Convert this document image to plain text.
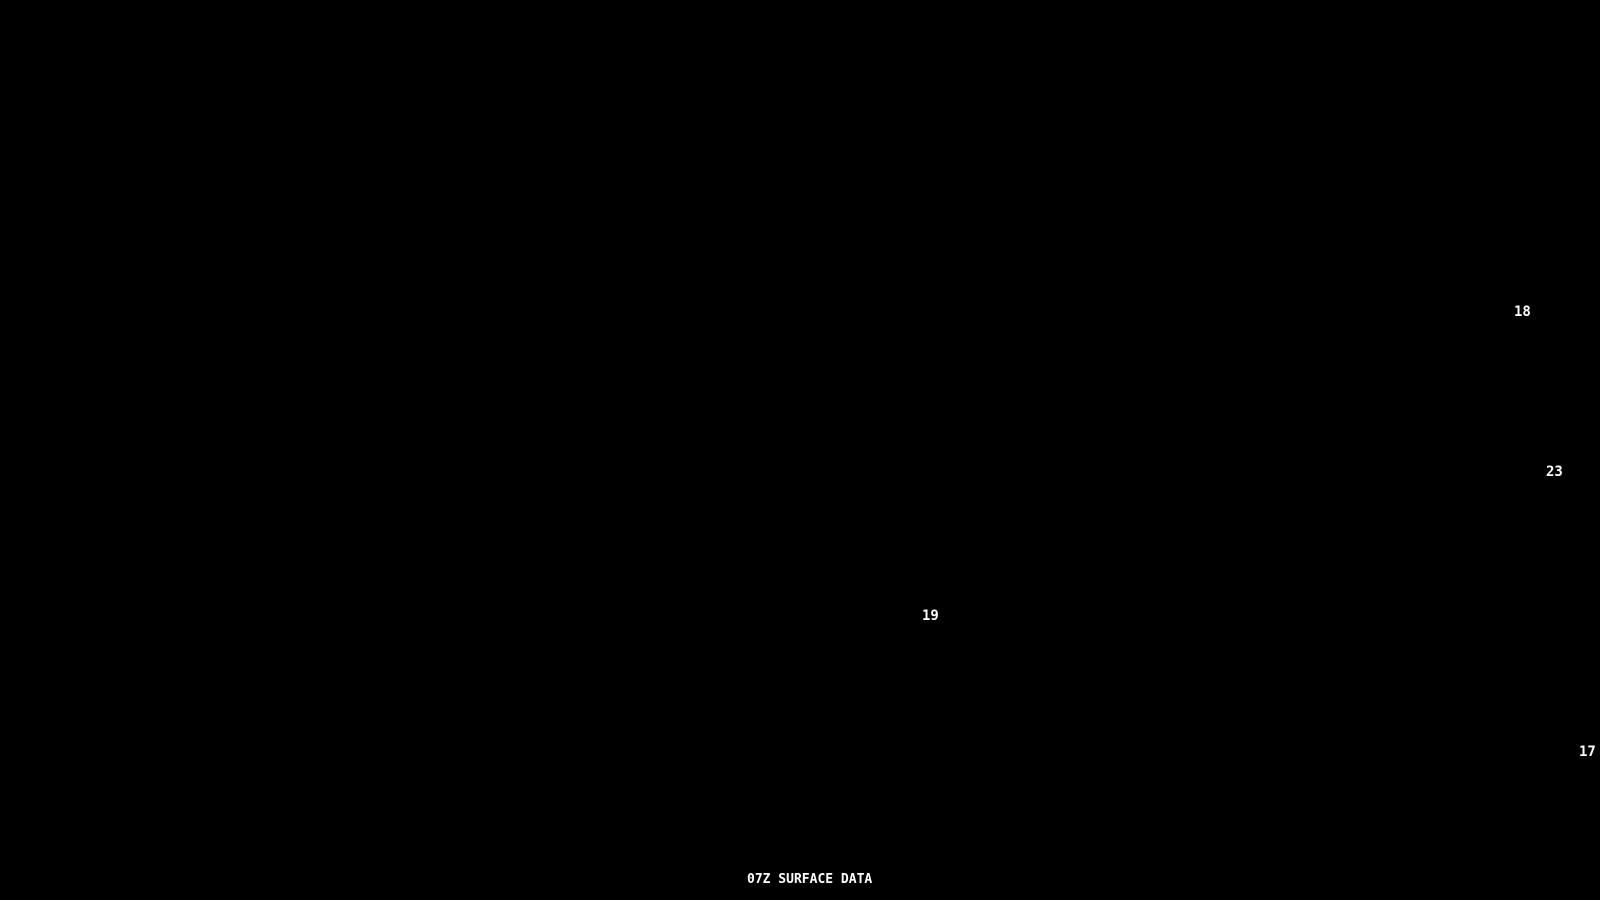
18
23
19
17
07Z SURFACE DATA
